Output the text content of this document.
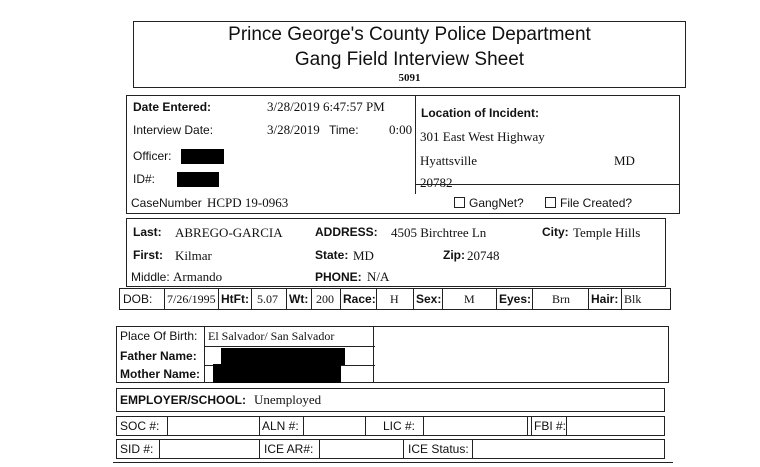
Prince George's County Police Department
Gang Field Interview Sheet
5091
Date Entered:	3/28/2019 6:47:57 PM
Interview Date:	3/28/2019 Time: 0:00
Officer:
ID#:
CaseNumber HCPD 19-0963
Location of Incident:
301 East West Highway
Hyattsville	MD
20782
GangNet?	File Created?
Last: ABREGO-GARCIA	ADDRESS: 4505 Birchtree Ln	City: Temple Hills
First: Kilmar	State: MD	Zip: 20748
Middle: Armando	PHONE: N/A
DOB: 7/26/1995 HtFt: 5.07 Wt: 200 Race: H Sex: M Eyes: Brn Hair: Blk
Place Of Birth: El Salvador/ San Salvador
Father Name:
Mother Name:
EMPLOYER/SCHOOL: Unemployed
SOC #:	ALN #:	LIC #:	FBI #:
SID #:	ICE AR#:	ICE Status:
